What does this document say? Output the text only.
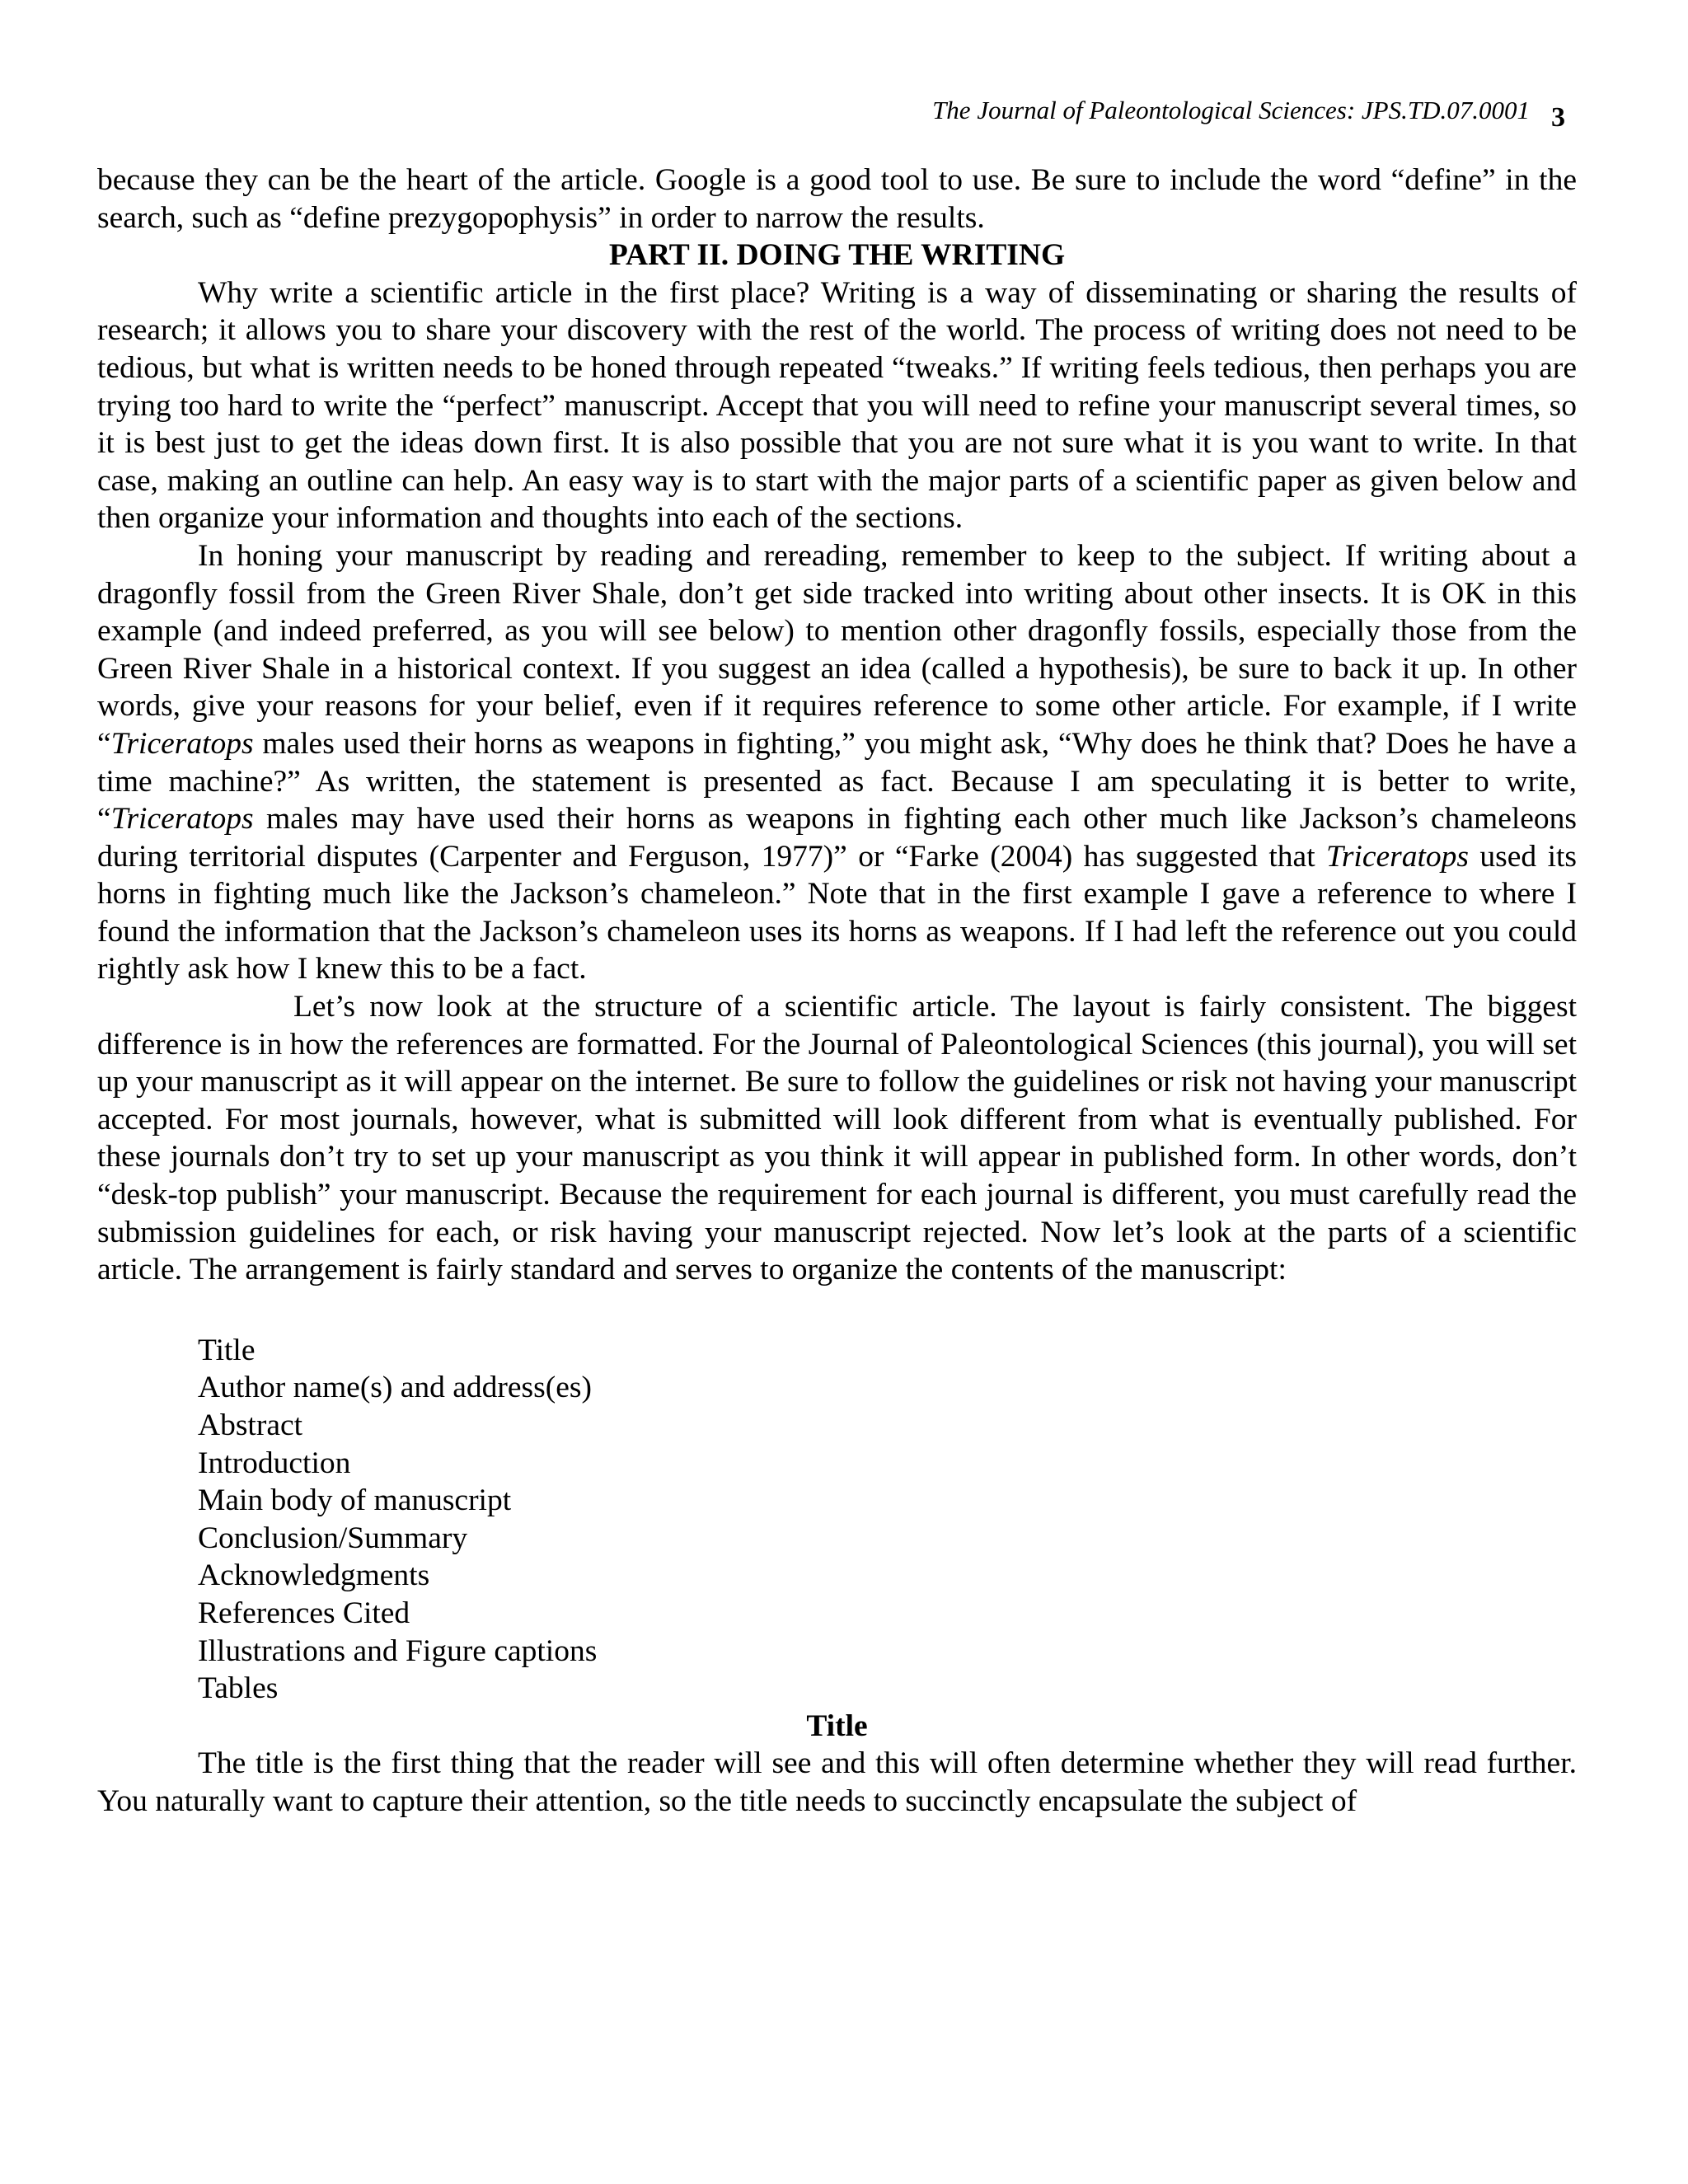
The Journal of Paleontological Sciences: JPS.TD.07.0001 3

because they can be the heart of the article. Google is a good tool to use. Be sure to include the word “define” in the search, such as “define prezygopophysis” in order to narrow the results.

PART II. DOING THE WRITING

Why write a scientific article in the first place? Writing is a way of disseminating or sharing the results of research; it allows you to share your discovery with the rest of the world. The process of writing does not need to be tedious, but what is written needs to be honed through repeated “tweaks.” If writing feels tedious, then perhaps you are trying too hard to write the “perfect” manuscript. Accept that you will need to refine your manuscript several times, so it is best just to get the ideas down first. It is also possible that you are not sure what it is you want to write. In that case, making an outline can help. An easy way is to start with the major parts of a scientific paper as given below and then organize your information and thoughts into each of the sections.

In honing your manuscript by reading and rereading, remember to keep to the subject. If writing about a dragonfly fossil from the Green River Shale, don’t get side tracked into writing about other insects. It is OK in this example (and indeed preferred, as you will see below) to mention other dragonfly fossils, especially those from the Green River Shale in a historical context. If you suggest an idea (called a hypothesis), be sure to back it up. In other words, give your reasons for your belief, even if it requires reference to some other article. For example, if I write “Triceratops males used their horns as weapons in fighting,” you might ask, “Why does he think that? Does he have a time machine?” As written, the statement is presented as fact. Because I am speculating it is better to write, “Triceratops males may have used their horns as weapons in fighting each other much like Jackson’s chameleons during territorial disputes (Carpenter and Ferguson, 1977)” or “Farke (2004) has suggested that Triceratops used its horns in fighting much like the Jackson’s chameleon.” Note that in the first example I gave a reference to where I found the information that the Jackson’s chameleon uses its horns as weapons. If I had left the reference out you could rightly ask how I knew this to be a fact.

Let’s now look at the structure of a scientific article. The layout is fairly consistent. The biggest difference is in how the references are formatted. For the Journal of Paleontological Sciences (this journal), you will set up your manuscript as it will appear on the internet. Be sure to follow the guidelines or risk not having your manuscript accepted. For most journals, however, what is submitted will look different from what is eventually published. For these journals don’t try to set up your manuscript as you think it will appear in published form. In other words, don’t “desk-top publish” your manuscript. Because the requirement for each journal is different, you must carefully read the submission guidelines for each, or risk having your manuscript rejected. Now let’s look at the parts of a scientific article. The arrangement is fairly standard and serves to organize the contents of the manuscript:

Title
Author name(s) and address(es)
Abstract
Introduction
Main body of manuscript
Conclusion/Summary
Acknowledgments
References Cited
Illustrations and Figure captions
Tables
Title

The title is the first thing that the reader will see and this will often determine whether they will read further. You naturally want to capture their attention, so the title needs to succinctly encapsulate the subject of
